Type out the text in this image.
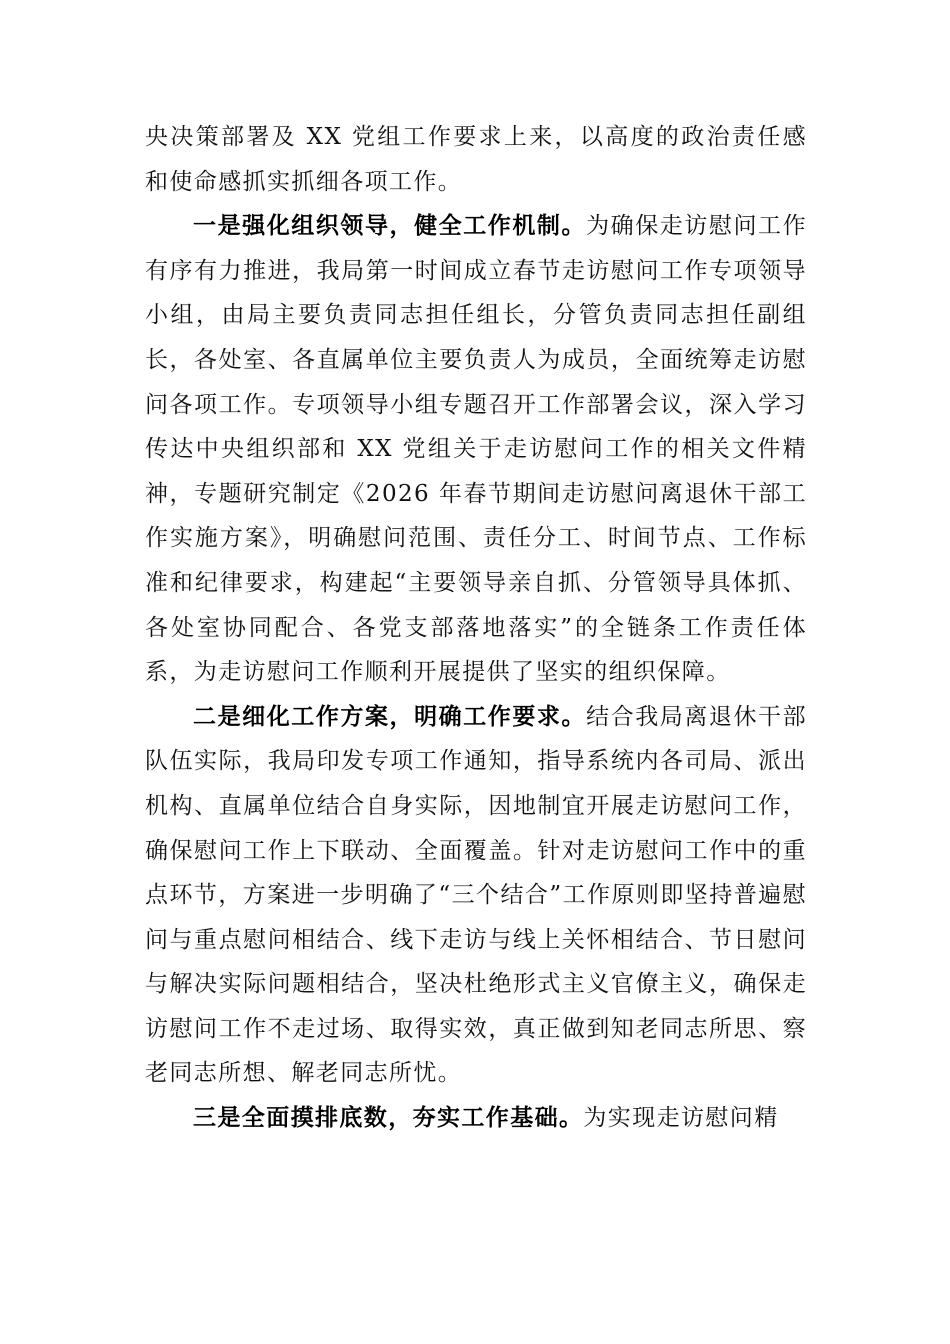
央决策部署及 XX 党组工作要求上来，以高度的政治责任感和使命感抓实抓细各项工作。

一是强化组织领导，健全工作机制。为确保走访慰问工作有序有力推进，我局第一时间成立春节走访慰问工作专项领导小组，由局主要负责同志担任组长，分管负责同志担任副组长，各处室、各直属单位主要负责人为成员，全面统筹走访慰问各项工作。专项领导小组专题召开工作部署会议，深入学习传达中央组织部和 XX 党组关于走访慰问工作的相关文件精神，专题研究制定《2026 年春节期间走访慰问离退休干部工作实施方案》，明确慰问范围、责任分工、时间节点、工作标准和纪律要求，构建起“主要领导亲自抓、分管领导具体抓、各处室协同配合、各党支部落地落实”的全链条工作责任体系，为走访慰问工作顺利开展提供了坚实的组织保障。

二是细化工作方案，明确工作要求。结合我局离退休干部队伍实际，我局印发专项工作通知，指导系统内各司局、派出机构、直属单位结合自身实际，因地制宜开展走访慰问工作，确保慰问工作上下联动、全面覆盖。针对走访慰问工作中的重点环节，方案进一步明确了“三个结合”工作原则即坚持普遍慰问与重点慰问相结合、线下走访与线上关怀相结合、节日慰问与解决实际问题相结合，坚决杜绝形式主义官僚主义，确保走访慰问工作不走过场、取得实效，真正做到知老同志所思、察老同志所想、解老同志所忧。

三是全面摸排底数，夯实工作基础。为实现走访慰问精
